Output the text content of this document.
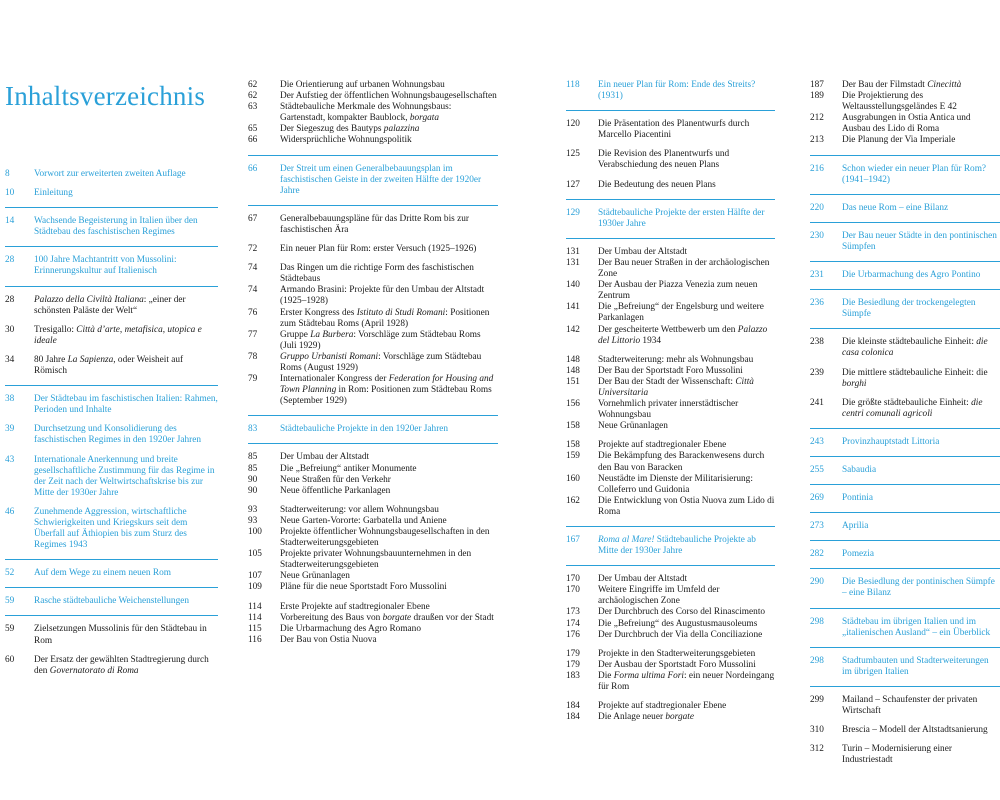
Inhaltsverzeichnis
8	Vorwort zur erweiterten zweiten Auflage
10	Einleitung
14	Wachsende Begeisterung in Italien über den Städtebau des faschistischen Regimes
28	100 Jahre Machtantritt von Mussolini: Erinnerungskultur auf Italienisch
28	Palazzo della Civiltà Italiana: „einer der schönsten Paläste der Welt“
30	Tresigallo: Città d’arte, metafisica, utopica e ideale
34	80 Jahre La Sapienza, oder Weisheit auf Römisch
38	Der Städtebau im faschistischen Italien: Rahmen, Perioden und Inhalte
39	Durchsetzung und Konsolidierung des faschistischen Regimes in den 1920er Jahren
43	Internationale Anerkennung und breite gesellschaftliche Zustimmung für das Regime in der Zeit nach der Weltwirtschaftskrise bis zur Mitte der 1930er Jahre
46	Zunehmende Aggression, wirtschaftliche Schwierigkeiten und Kriegskurs seit dem Überfall auf Äthiopien bis zum Sturz des Regimes 1943
52	Auf dem Wege zu einem neuen Rom
59	Rasche städtebauliche Weichenstellungen
59	Zielsetzungen Mussolinis für den Städtebau in Rom
60	Der Ersatz der gewählten Stadtregierung durch den Governatorato di Roma
62	Die Orientierung auf urbanen Wohnungsbau
62	Der Aufstieg der öffentlichen Wohnungsbaugesellschaften
63	Städtebauliche Merkmale des Wohnungsbaus: Gartenstadt, kompakter Baublock, borgata
65	Der Siegeszug des Bautyps palazzina
66	Widersprüchliche Wohnungspolitik
66	Der Streit um einen Generalbebauungsplan im faschistischen Geiste in der zweiten Hälfte der 1920er Jahre
67	Generalbebauungspläne für das Dritte Rom bis zur faschistischen Ära
72	Ein neuer Plan für Rom: erster Versuch (1925–1926)
74	Das Ringen um die richtige Form des faschistischen Städtebaus
74	Armando Brasini: Projekte für den Umbau der Altstadt (1925–1928)
76	Erster Kongress des Istituto di Studi Romani: Positionen zum Städtebau Roms (April 1928)
77	Gruppe La Burbera: Vorschläge zum Städtebau Roms (Juli 1929)
78	Gruppo Urbanisti Romani: Vorschläge zum Städtebau Roms (August 1929)
79	Internationaler Kongress der Federation for Housing and Town Planning in Rom: Positionen zum Städtebau Roms (September 1929)
83	Städtebauliche Projekte in den 1920er Jahren
85	Der Umbau der Altstadt
85	Die „Befreiung“ antiker Monumente
90	Neue Straßen für den Verkehr
90	Neue öffentliche Parkanlagen
93	Stadterweiterung: vor allem Wohnungsbau
93	Neue Garten-Vororte: Garbatella und Aniene
100	Projekte öffentlicher Wohnungsbaugesellschaften in den Stadterweiterungsgebieten
105	Projekte privater Wohnungsbauunternehmen in den Stadterweiterungsgebieten
107	Neue Grünanlagen
109	Pläne für die neue Sportstadt Foro Mussolini
114	Erste Projekte auf stadtregionaler Ebene
114	Vorbereitung des Baus von borgate draußen vor der Stadt
115	Die Urbarmachung des Agro Romano
116	Der Bau von Ostia Nuova
118	Ein neuer Plan für Rom: Ende des Streits? (1931)
120	Die Präsentation des Planentwurfs durch Marcello Piacentini
125	Die Revision des Planentwurfs und Verabschiedung des neuen Plans
127	Die Bedeutung des neuen Plans
129	Städtebauliche Projekte der ersten Hälfte der 1930er Jahre
131	Der Umbau der Altstadt
131	Der Bau neuer Straßen in der archäologischen Zone
140	Der Ausbau der Piazza Venezia zum neuen Zentrum
141	Die „Befreiung“ der Engelsburg und weitere Parkanlagen
142	Der gescheiterte Wettbewerb um den Palazzo del Littorio 1934
148	Stadterweiterung: mehr als Wohnungsbau
148	Der Bau der Sportstadt Foro Mussolini
151	Der Bau der Stadt der Wissenschaft: Città Universitaria
156	Vornehmlich privater innerstädtischer Wohnungsbau
158	Neue Grünanlagen
158	Projekte auf stadtregionaler Ebene
159	Die Bekämpfung des Barackenwesens durch den Bau von Baracken
160	Neustädte im Dienste der Militarisierung: Colleferro und Guidonia
162	Die Entwicklung von Ostia Nuova zum Lido di Roma
167	Roma al Mare! Städtebauliche Projekte ab Mitte der 1930er Jahre
170	Der Umbau der Altstadt
170	Weitere Eingriffe im Umfeld der archäologischen Zone
173	Der Durchbruch des Corso del Rinascimento
174	Die „Befreiung“ des Augustusmausoleums
176	Der Durchbruch der Via della Conciliazione
179	Projekte in den Stadterweiterungsgebieten
179	Der Ausbau der Sportstadt Foro Mussolini
183	Die Forma ultima Fori: ein neuer Nordeingang für Rom
184	Projekte auf stadtregionaler Ebene
184	Die Anlage neuer borgate
187	Der Bau der Filmstadt Cinecittà
189	Die Projektierung des Weltausstellungsgeländes E 42
212	Ausgrabungen in Ostia Antica und Ausbau des Lido di Roma
213	Die Planung der Via Imperiale
216	Schon wieder ein neuer Plan für Rom? (1941–1942)
220	Das neue Rom – eine Bilanz
230	Der Bau neuer Städte in den pontinischen Sümpfen
231	Die Urbarmachung des Agro Pontino
236	Die Besiedlung der trockengelegten Sümpfe
238	Die kleinste städtebauliche Einheit: die casa colonica
239	Die mittlere städtebauliche Einheit: die borghi
241	Die größte städtebauliche Einheit: die centri comunali agricoli
243	Provinzhauptstadt Littoria
255	Sabaudia
269	Pontinia
273	Aprilia
282	Pomezia
290	Die Besiedlung der pontinischen Sümpfe – eine Bilanz
298	Städtebau im übrigen Italien und im „italienischen Ausland“ – ein Überblick
298	Stadtumbauten und Stadterweiterungen im übrigen Italien
299	Mailand – Schaufenster der privaten Wirtschaft
310	Brescia – Modell der Altstadtsanierung
312	Turin – Modernisierung einer Industriestadt
